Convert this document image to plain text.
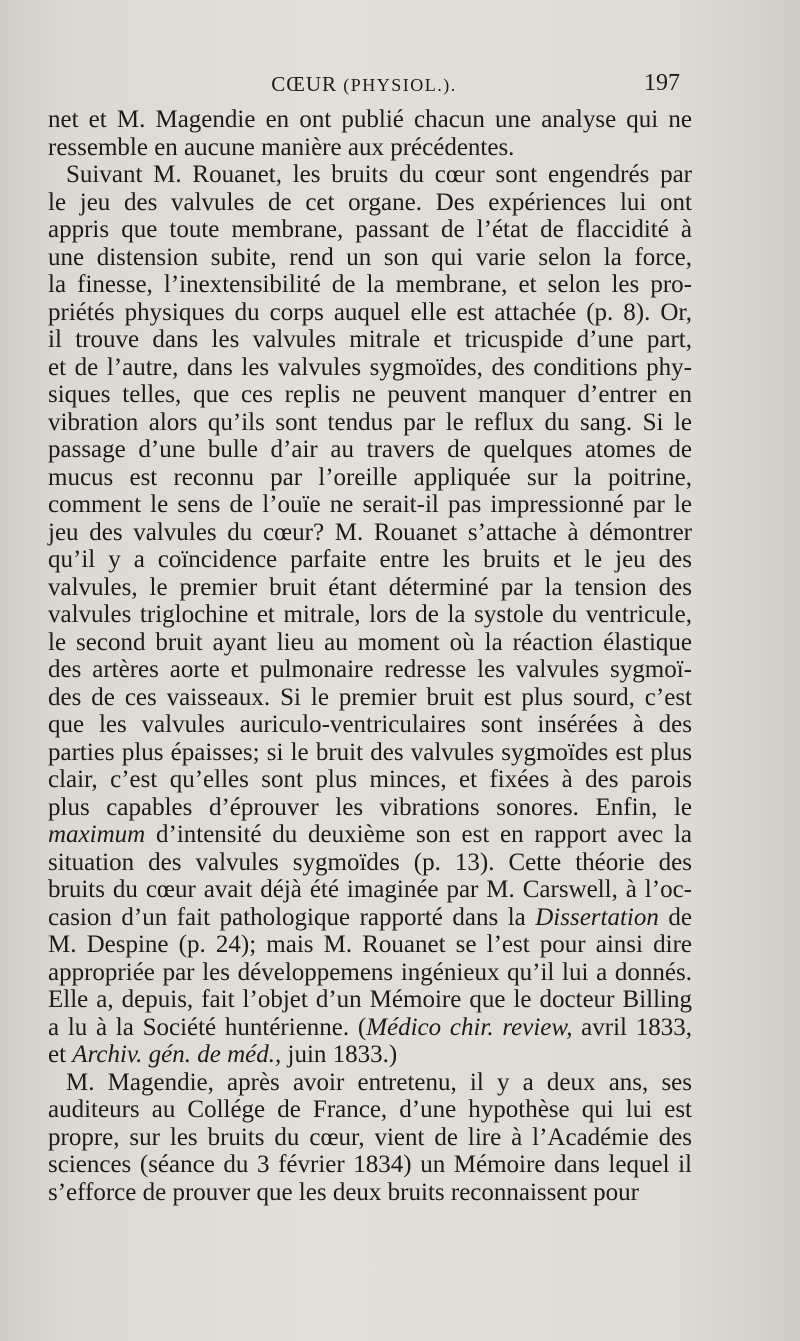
CŒUR (PHYSIOL.).	197
net et M. Magendie en ont publié chacun une analyse qui ne
ressemble en aucune manière aux précédentes.
Suivant M. Rouanet, les bruits du cœur sont engendrés par
le jeu des valvules de cet organe. Des expériences lui ont
appris que toute membrane, passant de l’état de flaccidité à
une distension subite, rend un son qui varie selon la force,
la finesse, l’inextensibilité de la membrane, et selon les pro-
priétés physiques du corps auquel elle est attachée (p. 8). Or,
il trouve dans les valvules mitrale et tricuspide d’une part,
et de l’autre, dans les valvules sygmoïdes, des conditions phy-
siques telles, que ces replis ne peuvent manquer d’entrer en
vibration alors qu’ils sont tendus par le reflux du sang. Si le
passage d’une bulle d’air au travers de quelques atomes de
mucus est reconnu par l’oreille appliquée sur la poitrine,
comment le sens de l’ouïe ne serait-il pas impressionné par le
jeu des valvules du cœur? M. Rouanet s’attache à démontrer
qu’il y a coïncidence parfaite entre les bruits et le jeu des
valvules, le premier bruit étant déterminé par la tension des
valvules triglochine et mitrale, lors de la systole du ventricule,
le second bruit ayant lieu au moment où la réaction élastique
des artères aorte et pulmonaire redresse les valvules sygmoï-
des de ces vaisseaux. Si le premier bruit est plus sourd, c’est
que les valvules auriculo-ventriculaires sont insérées à des
parties plus épaisses; si le bruit des valvules sygmoïdes est plus
clair, c’est qu’elles sont plus minces, et fixées à des parois
plus capables d’éprouver les vibrations sonores. Enfin, le
maximum d’intensité du deuxième son est en rapport avec la
situation des valvules sygmoïdes (p. 13). Cette théorie des
bruits du cœur avait déjà été imaginée par M. Carswell, à l’oc-
casion d’un fait pathologique rapporté dans la Dissertation de
M. Despine (p. 24); mais M. Rouanet se l’est pour ainsi dire
appropriée par les développemens ingénieux qu’il lui a donnés.
Elle a, depuis, fait l’objet d’un Mémoire que le docteur Billing
a lu à la Société huntérienne. (Médico chir. review, avril 1833,
et Archiv. gén. de méd., juin 1833.)
M. Magendie, après avoir entretenu, il y a deux ans, ses
auditeurs au Collége de France, d’une hypothèse qui lui est
propre, sur les bruits du cœur, vient de lire à l’Académie des
sciences (séance du 3 février 1834) un Mémoire dans lequel il
s’efforce de prouver que les deux bruits reconnaissent pour
